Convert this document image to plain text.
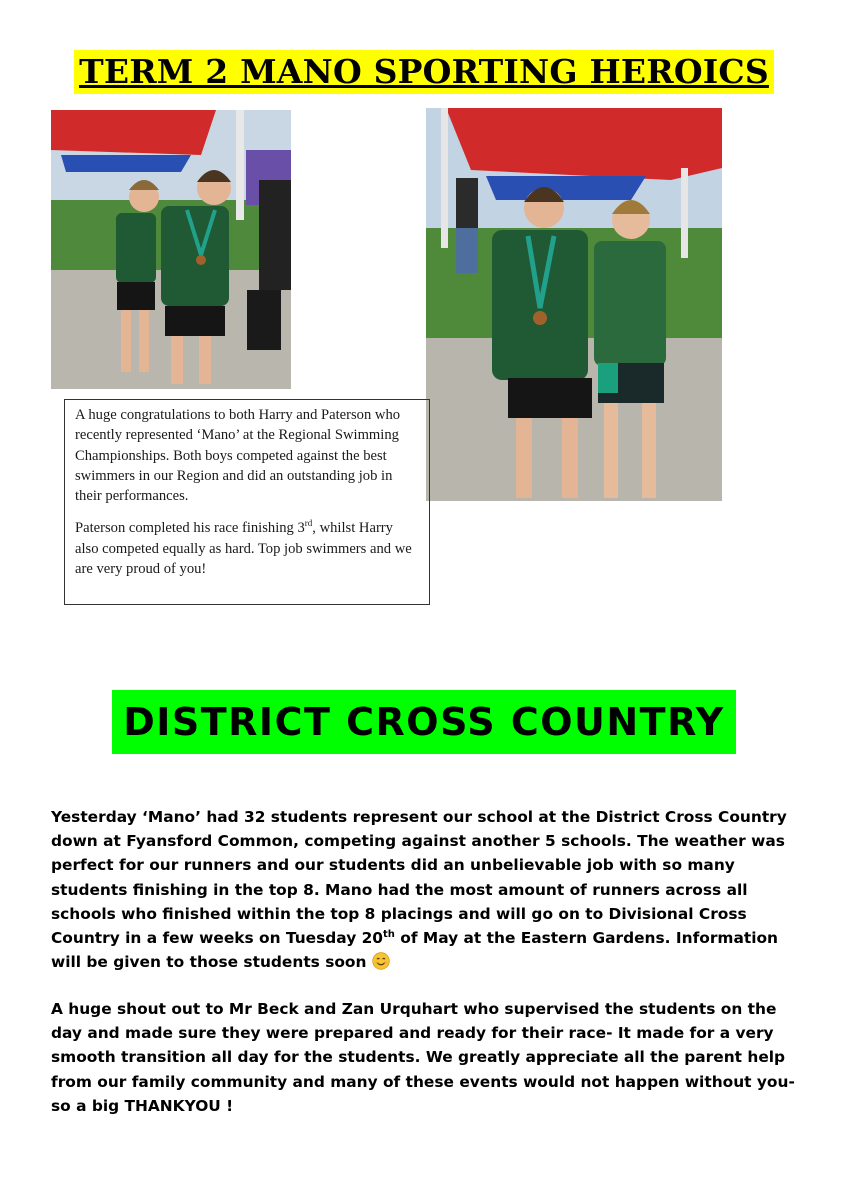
TERM 2 MANO SPORTING HEROICS

A huge congratulations to both Harry and Paterson who recently represented ‘Mano’ at the Regional Swimming Championships. Both boys competed against the best swimmers in our Region and did an outstanding job in their performances.

Paterson completed his race finishing 3rd, whilst Harry also competed equally as hard. Top job swimmers and we are very proud of you!

DISTRICT CROSS COUNTRY
Yesterday ‘Mano’ had 32 students represent our school at the District Cross Country down at Fyansford Common, competing against another 5 schools. The weather was perfect for our runners and our students did an unbelievable job with so many students finishing in the top 8. Mano had the most amount of runners across all schools who finished within the top 8 placings and will go on to Divisional Cross Country in a few weeks on Tuesday 20th of May at the Eastern Gardens. Information will be given to those students soon
A huge shout out to Mr Beck and Zan Urquhart who supervised the students on the day and made sure they were prepared and ready for their race- It made for a very smooth transition all day for the students. We greatly appreciate all the parent help from our family community and many of these events would not happen without you- so a big THANKYOU !
